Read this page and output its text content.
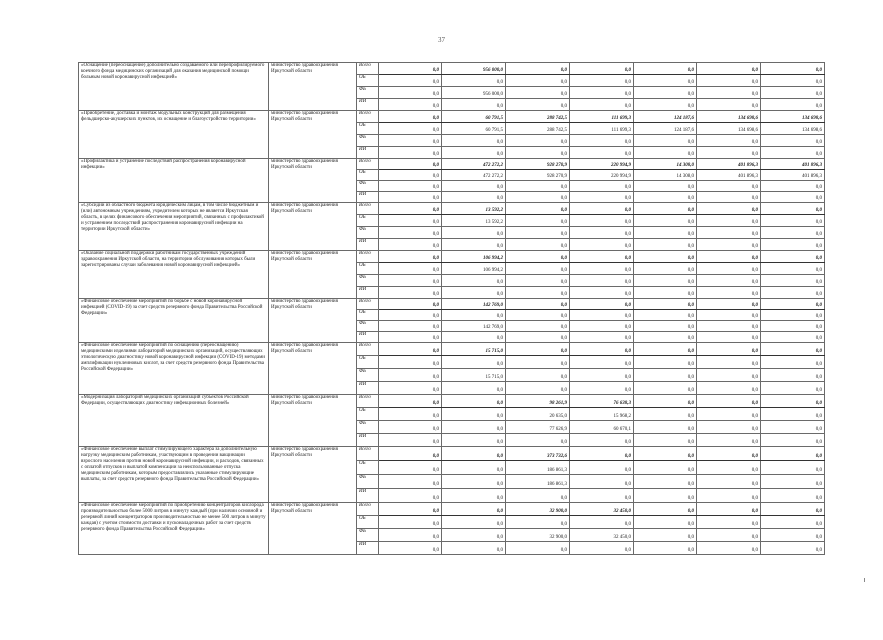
37
«Оснащение (переоснащение) дополнительно создаваемого или перепрофилируемого коечного фонда медицинских организаций для оказания медицинской помощи больным новой коронавирусной инфекцией»	министерство здравоохранения Иркутской области	Всего	0,0	956 000,0	0,0	0,0	0,0	0,0	0,0
		ОБ	0,0	0,0	0,0	0,0	0,0	0,0	0,0
		ФБ	0,0	956 000,0	0,0	0,0	0,0	0,0	0,0
		ИИ	0,0	0,0	0,0	0,0	0,0	0,0	0,0
«Приобретение, доставка и монтаж модульных конструкций для размещения фельдшерско-акушерских пунктов, их оснащение и благоустройство территории»	министерство здравоохранения Иркутской области	Всего	0,0	60 791,5	288 742,5	111 699,3	124 187,6	134 698,6	134 698,6
		ОБ	0,0	60 791,5	288 742,5	111 699,3	124 187,6	134 698,6	134 698,6
		ФБ	0,0	0,0	0,0	0,0	0,0	0,0	0,0
		ИИ	0,0	0,0	0,0	0,0	0,0	0,0	0,0
«Профилактика и устранение последствий распространения коронавирусной инфекции»	министерство здравоохранения Иркутской области	Всего	0,0	472 272,2	928 270,9	220 994,9	14 308,0	401 896,3	401 896,3
		ОБ	0,0	472 272,2	928 270,9	220 994,9	14 308,0	401 896,3	401 896,3
		ФБ	0,0	0,0	0,0	0,0	0,0	0,0	0,0
		ИИ	0,0	0,0	0,0	0,0	0,0	0,0	0,0
«Субсидии из областного бюджета юридическим лицам, в том числе бюджетным и (или) автономным учреждениям, учредителем которых не является Иркутская область, в целях финансового обеспечения мероприятий, связанных с профилактикой и устранением последствий распространения коронавирусной инфекции на территории Иркутской области»	министерство здравоохранения Иркутской области	Всего	0,0	13 592,2	0,0	0,0	0,0	0,0	0,0
		ОБ	0,0	13 592,2	0,0	0,0	0,0	0,0	0,0
		ФБ	0,0	0,0	0,0	0,0	0,0	0,0	0,0
		ИИ	0,0	0,0	0,0	0,0	0,0	0,0	0,0
«Оказание социальной поддержки работникам государственных учреждений здравоохранения Иркутской области, на территории обслуживания которых были зарегистрированы случаи заболевания новой коронавирусной инфекцией»	министерство здравоохранения Иркутской области	Всего	0,0	106 994,2	0,0	0,0	0,0	0,0	0,0
		ОБ	0,0	106 994,2	0,0	0,0	0,0	0,0	0,0
		ФБ	0,0	0,0	0,0	0,0	0,0	0,0	0,0
		ИИ	0,0	0,0	0,0	0,0	0,0	0,0	0,0
«Финансовое обеспечение мероприятий по борьбе с новой коронавирусной инфекцией (COVID-19) за счет средств резервного фонда Правительства Российской Федерации»	министерство здравоохранения Иркутской области	Всего	0,0	142 769,0	0,0	0,0	0,0	0,0	0,0
		ОБ	0,0	0,0	0,0	0,0	0,0	0,0	0,0
		ФБ	0,0	142 769,0	0,0	0,0	0,0	0,0	0,0
		ИИ	0,0	0,0	0,0	0,0	0,0	0,0	0,0
«Финансовое обеспечение мероприятий по оснащению (переоснащению) медицинскими изделиями лабораторий медицинских организаций, осуществляющих этиологическую диагностику новой коронавирусной инфекции (COVID-19) методами амплификации нуклеиновых кислот, за счет средств резервного фонда Правительства Российской Федерации»	министерство здравоохранения Иркутской области	Всего	0,0	15 715,0	0,0	0,0	0,0	0,0	0,0
		ОБ	0,0	0,0	0,0	0,0	0,0	0,0	0,0
		ФБ	0,0	15 715,0	0,0	0,0	0,0	0,0	0,0
		ИИ	0,0	0,0	0,0	0,0	0,0	0,0	0,0
«Модернизация лабораторий медицинских организаций субъектов Российской Федерации, осуществляющих диагностику инфекционных болезней»	министерство здравоохранения Иркутской области	Всего	0,0	0,0	98 261,9	76 638,3	0,0	0,0	0,0
		ОБ	0,0	0,0	20 635,0	15 968,2	0,0	0,0	0,0
		ФБ	0,0	0,0	77 626,9	60 670,1	0,0	0,0	0,0
		ИИ	0,0	0,0	0,0	0,0	0,0	0,0	0,0
«Финансовое обеспечение выплат стимулирующего характера за дополнительную нагрузку медицинским работникам, участвующим в проведении вакцинации взрослого населения против новой коронавирусной инфекции, и расходов, связанных с оплатой отпусков и выплатой компенсации за неиспользованные отпуска медицинским работникам, которым предоставлялись указанные стимулирующие выплаты, за счет средств резервного фонда Правительства Российской Федерации»	министерство здравоохранения Иркутской области	Всего	0,0	0,0	373 732,6	0,0	0,0	0,0	0,0
		ОБ	0,0	0,0	186 861,3	0,0	0,0	0,0	0,0
		ФБ	0,0	0,0	186 861,3	0,0	0,0	0,0	0,0
		ИИ	0,0	0,0	0,0	0,0	0,0	0,0	0,0
«Финансовое обеспечение мероприятий по приобретению концентраторов кислорода производительностью более 5000 литров в минуту каждый (при наличии основной и резервной линий концентраторов производительностью не менее 500 литров в минуту каждая) с учетом стоимости доставки и пусконаладочных работ за счет средств резервного фонда Правительства Российской Федерации»	министерство здравоохранения Иркутской области	Всего	0,0	0,0	32 900,0	32 450,0	0,0	0,0	0,0
		ОБ	0,0	0,0	0,0	0,0	0,0	0,0	0,0
		ФБ	0,0	0,0	32 900,0	32 450,0	0,0	0,0	0,0
		ИИ	0,0	0,0	0,0	0,0	0,0	0,0	0,0
